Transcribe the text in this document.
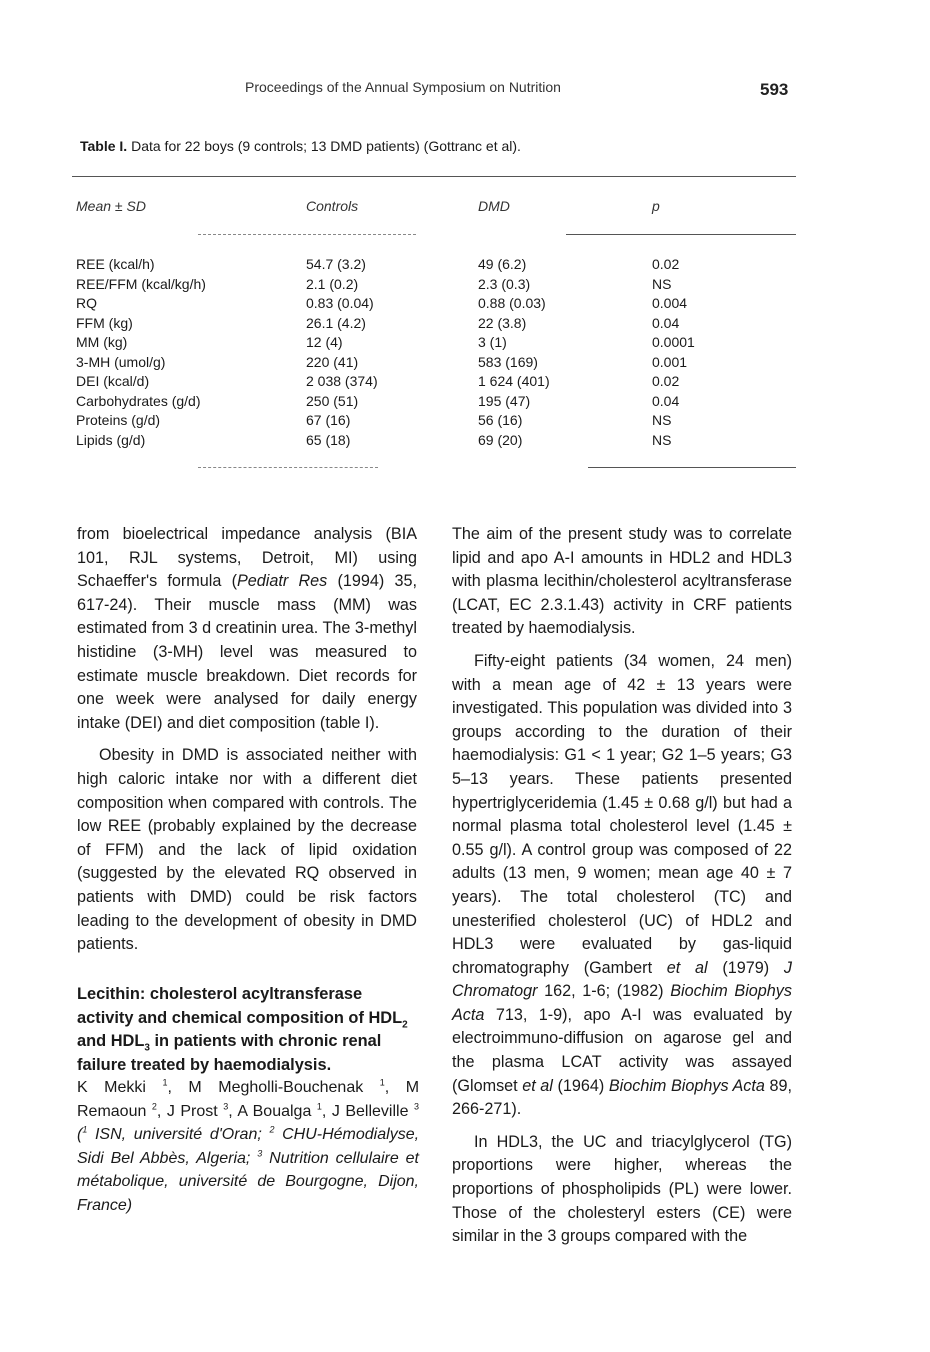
Proceedings of the Annual Symposium on Nutrition	593
Table I. Data for 22 boys (9 controls; 13 DMD patients) (Gottranc et al).
Mean ± SD	Controls	DMD	p
REE (kcal/h)	54.7 (3.2)	49 (6.2)	0.02
REE/FFM (kcal/kg/h)	2.1 (0.2)	2.3 (0.3)	NS
RQ	0.83 (0.04)	0.88 (0.03)	0.004
FFM (kg)	26.1 (4.2)	22 (3.8)	0.04
MM (kg)	12 (4)	3 (1)	0.0001
3-MH (umol/g)	220 (41)	583 (169)	0.001
DEI (kcal/d)	2 038 (374)	1 624 (401)	0.02
Carbohydrates (g/d)	250 (51)	195 (47)	0.04
Proteins (g/d)	67 (16)	56 (16)	NS
Lipids (g/d)	65 (18)	69 (20)	NS

from bioelectrical impedance analysis (BIA 101, RJL systems, Detroit, MI) using Schaeffer's formula (Pediatr Res (1994) 35, 617-24). Their muscle mass (MM) was estimated from 3 d creatinin urea. The 3-methyl histidine (3-MH) level was measured to estimate muscle breakdown. Diet records for one week were analysed for daily energy intake (DEI) and diet composition (table I).

Obesity in DMD is associated neither with high caloric intake nor with a different diet composition when compared with controls. The low REE (probably explained by the decrease of FFM) and the lack of lipid oxidation (suggested by the elevated RQ observed in patients with DMD) could be risk factors leading to the development of obesity in DMD patients.

Lecithin: cholesterol acyltransferase activity and chemical composition of $HDL_2$ and $HDL_3$ in patients with chronic renal failure treated by haemodialysis.
K Mekki $^1$, M Megholli-Bouchenak $^1$, M Remaoun $^2$, J Prost $^3$, A Boualga $^1$, J Belleville $^3$ ($^1$ ISN, université d'Oran; $^2$ CHU-Hémodialyse, Sidi Bel Abbès, Algeria; $^3$ Nutrition cellulaire et métabolique, université de Bourgogne, Dijon, France)

The aim of the present study was to correlate lipid and apo A-I amounts in HDL2 and HDL3 with plasma lecithin/cholesterol acyltransferase (LCAT, EC 2.3.1.43) activity in CRF patients treated by haemodialysis.

Fifty-eight patients (34 women, 24 men) with a mean age of 42 ± 13 years were investigated. This population was divided into 3 groups according to the duration of their haemodialysis: G1 < 1 year; G2 1–5 years; G3 5–13 years. These patients presented hypertriglyceridemia (1.45 ± 0.68 g/l) but had a normal plasma total cholesterol level (1.45 ± 0.55 g/l). A control group was composed of 22 adults (13 men, 9 women; mean age 40 ± 7 years). The total cholesterol (TC) and unesterified cholesterol (UC) of HDL2 and HDL3 were evaluated by gas-liquid chromatography (Gambert et al (1979) J Chromatogr 162, 1-6; (1982) Biochim Biophys Acta 713, 1-9), apo A-I was evaluated by electroimmuno-diffusion on agarose gel and the plasma LCAT activity was assayed (Glomset et al (1964) Biochim Biophys Acta 89, 266-271).

In HDL3, the UC and triacylglycerol (TG) proportions were higher, whereas the proportions of phospholipids (PL) were lower. Those of the cholesteryl esters (CE) were similar in the 3 groups compared with the
